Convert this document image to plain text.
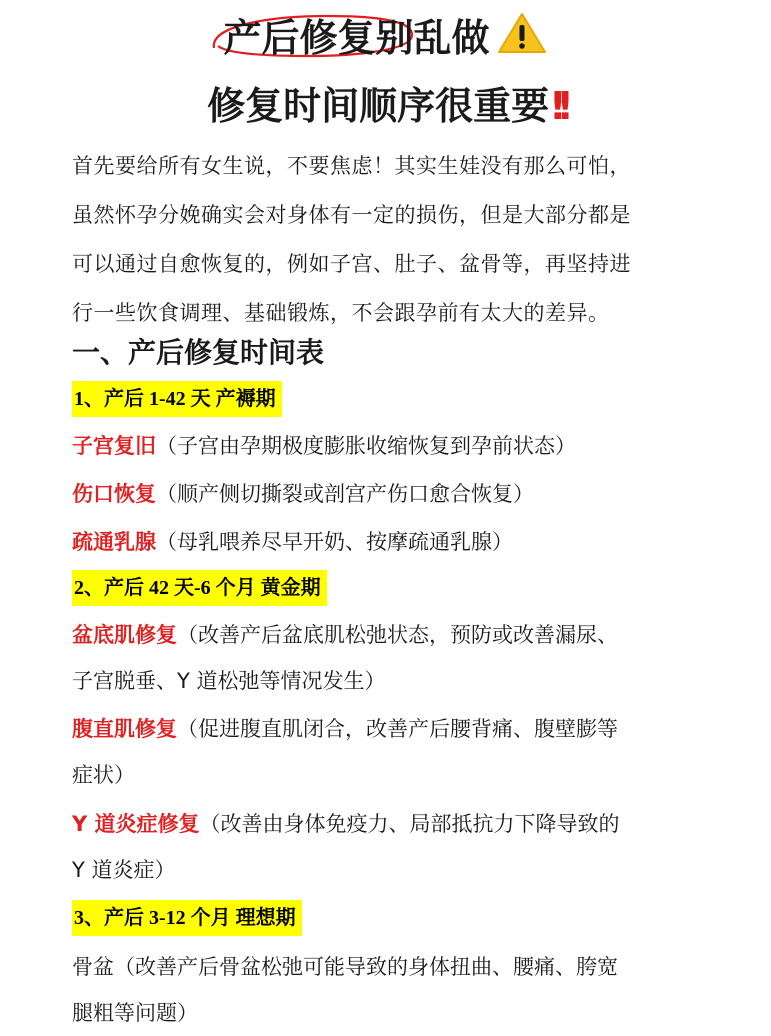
产后修复别乱做
修复时间顺序很重要!!

首先要给所有女生说，不要焦虑！其实生娃没有那么可怕，

虽然怀孕分娩确实会对身体有一定的损伤，但是大部分都是

可以通过自愈恢复的，例如子宫、肚子、盆骨等，再坚持进

行一些饮食调理、基础锻炼，不会跟孕前有太大的差异。

一、产后修复时间表
1、产后 1-42 天 产褥期
子宫复旧（子宫由孕期极度膨胀收缩恢复到孕前状态）
伤口恢复（顺产侧切撕裂或剖宫产伤口愈合恢复）
疏通乳腺（母乳喂养尽早开奶、按摩疏通乳腺）
2、产后 42 天-6 个月 黄金期
盆底肌修复（改善产后盆底肌松弛状态，预防或改善漏尿、
子宫脱垂、Y 道松弛等情况发生）
腹直肌修复（促进腹直肌闭合，改善产后腰背痛、腹壁膨等
症状）
Y 道炎症修复（改善由身体免疫力、局部抵抗力下降导致的
Y 道炎症）
3、产后 3-12 个月 理想期
骨盆（改善产后骨盆松弛可能导致的身体扭曲、腰痛、胯宽
腿粗等问题）
